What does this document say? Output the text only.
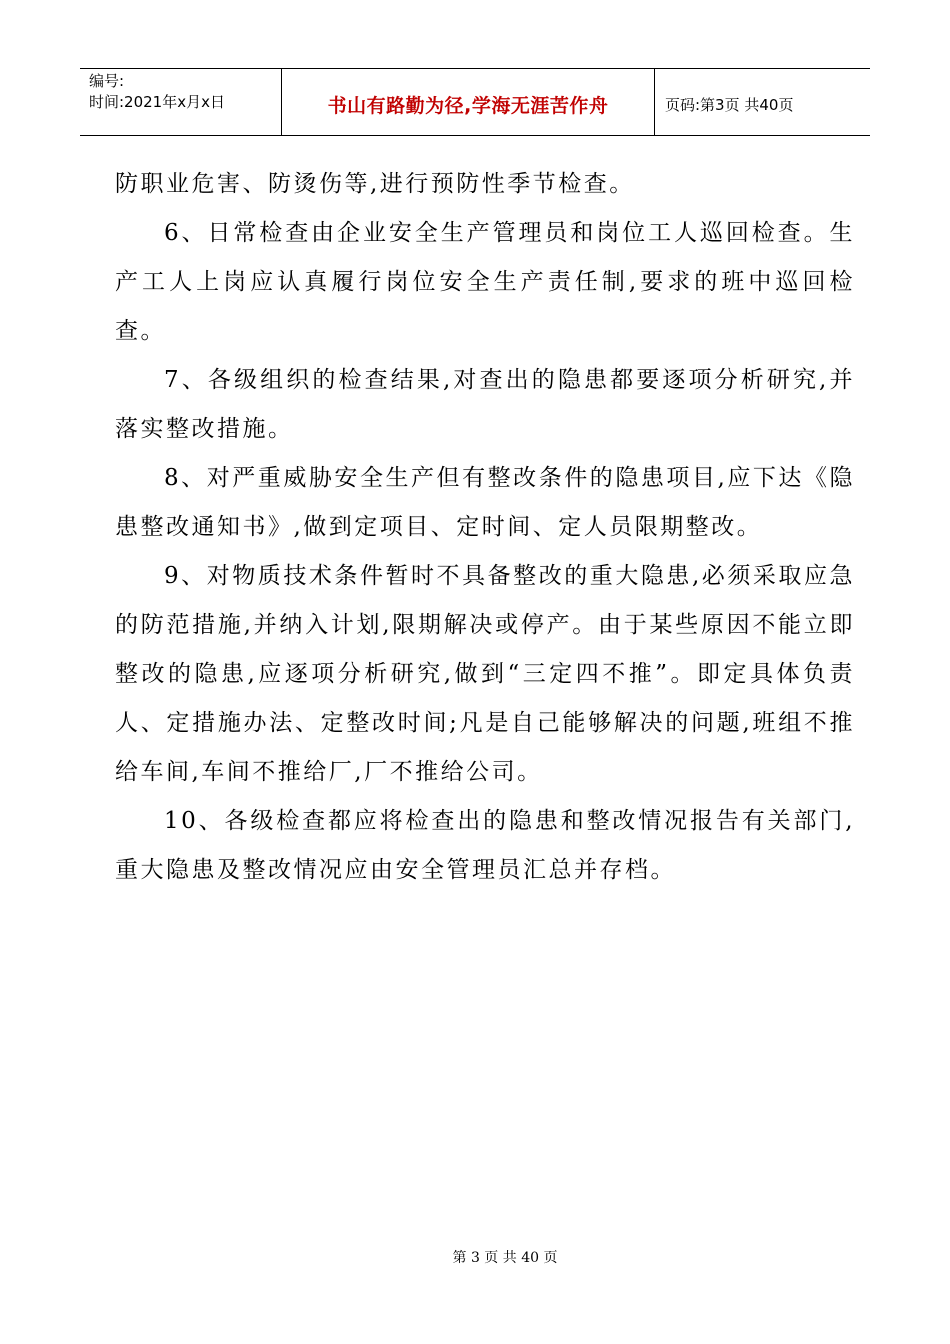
编号:
时间:2021年x月x日	书山有路勤为径,学海无涯苦作舟	页码:第3页 共40页

防职业危害、防烫伤等,进行预防性季节检查。

6、日常检查由企业安全生产管理员和岗位工人巡回检查。生产工人上岗应认真履行岗位安全生产责任制,要求的班中巡回检查。

7、各级组织的检查结果,对查出的隐患都要逐项分析研究,并落实整改措施。

8、对严重威胁安全生产但有整改条件的隐患项目,应下达《隐患整改通知书》,做到定项目、定时间、定人员限期整改。

9、对物质技术条件暂时不具备整改的重大隐患,必须采取应急的防范措施,并纳入计划,限期解决或停产。由于某些原因不能立即整改的隐患,应逐项分析研究,做到“三定四不推”。即定具体负责人、定措施办法、定整改时间;凡是自己能够解决的问题,班组不推给车间,车间不推给厂,厂不推给公司。

10、各级检查都应将检查出的隐患和整改情况报告有关部门,重大隐患及整改情况应由安全管理员汇总并存档。

第 3 页 共 40 页
